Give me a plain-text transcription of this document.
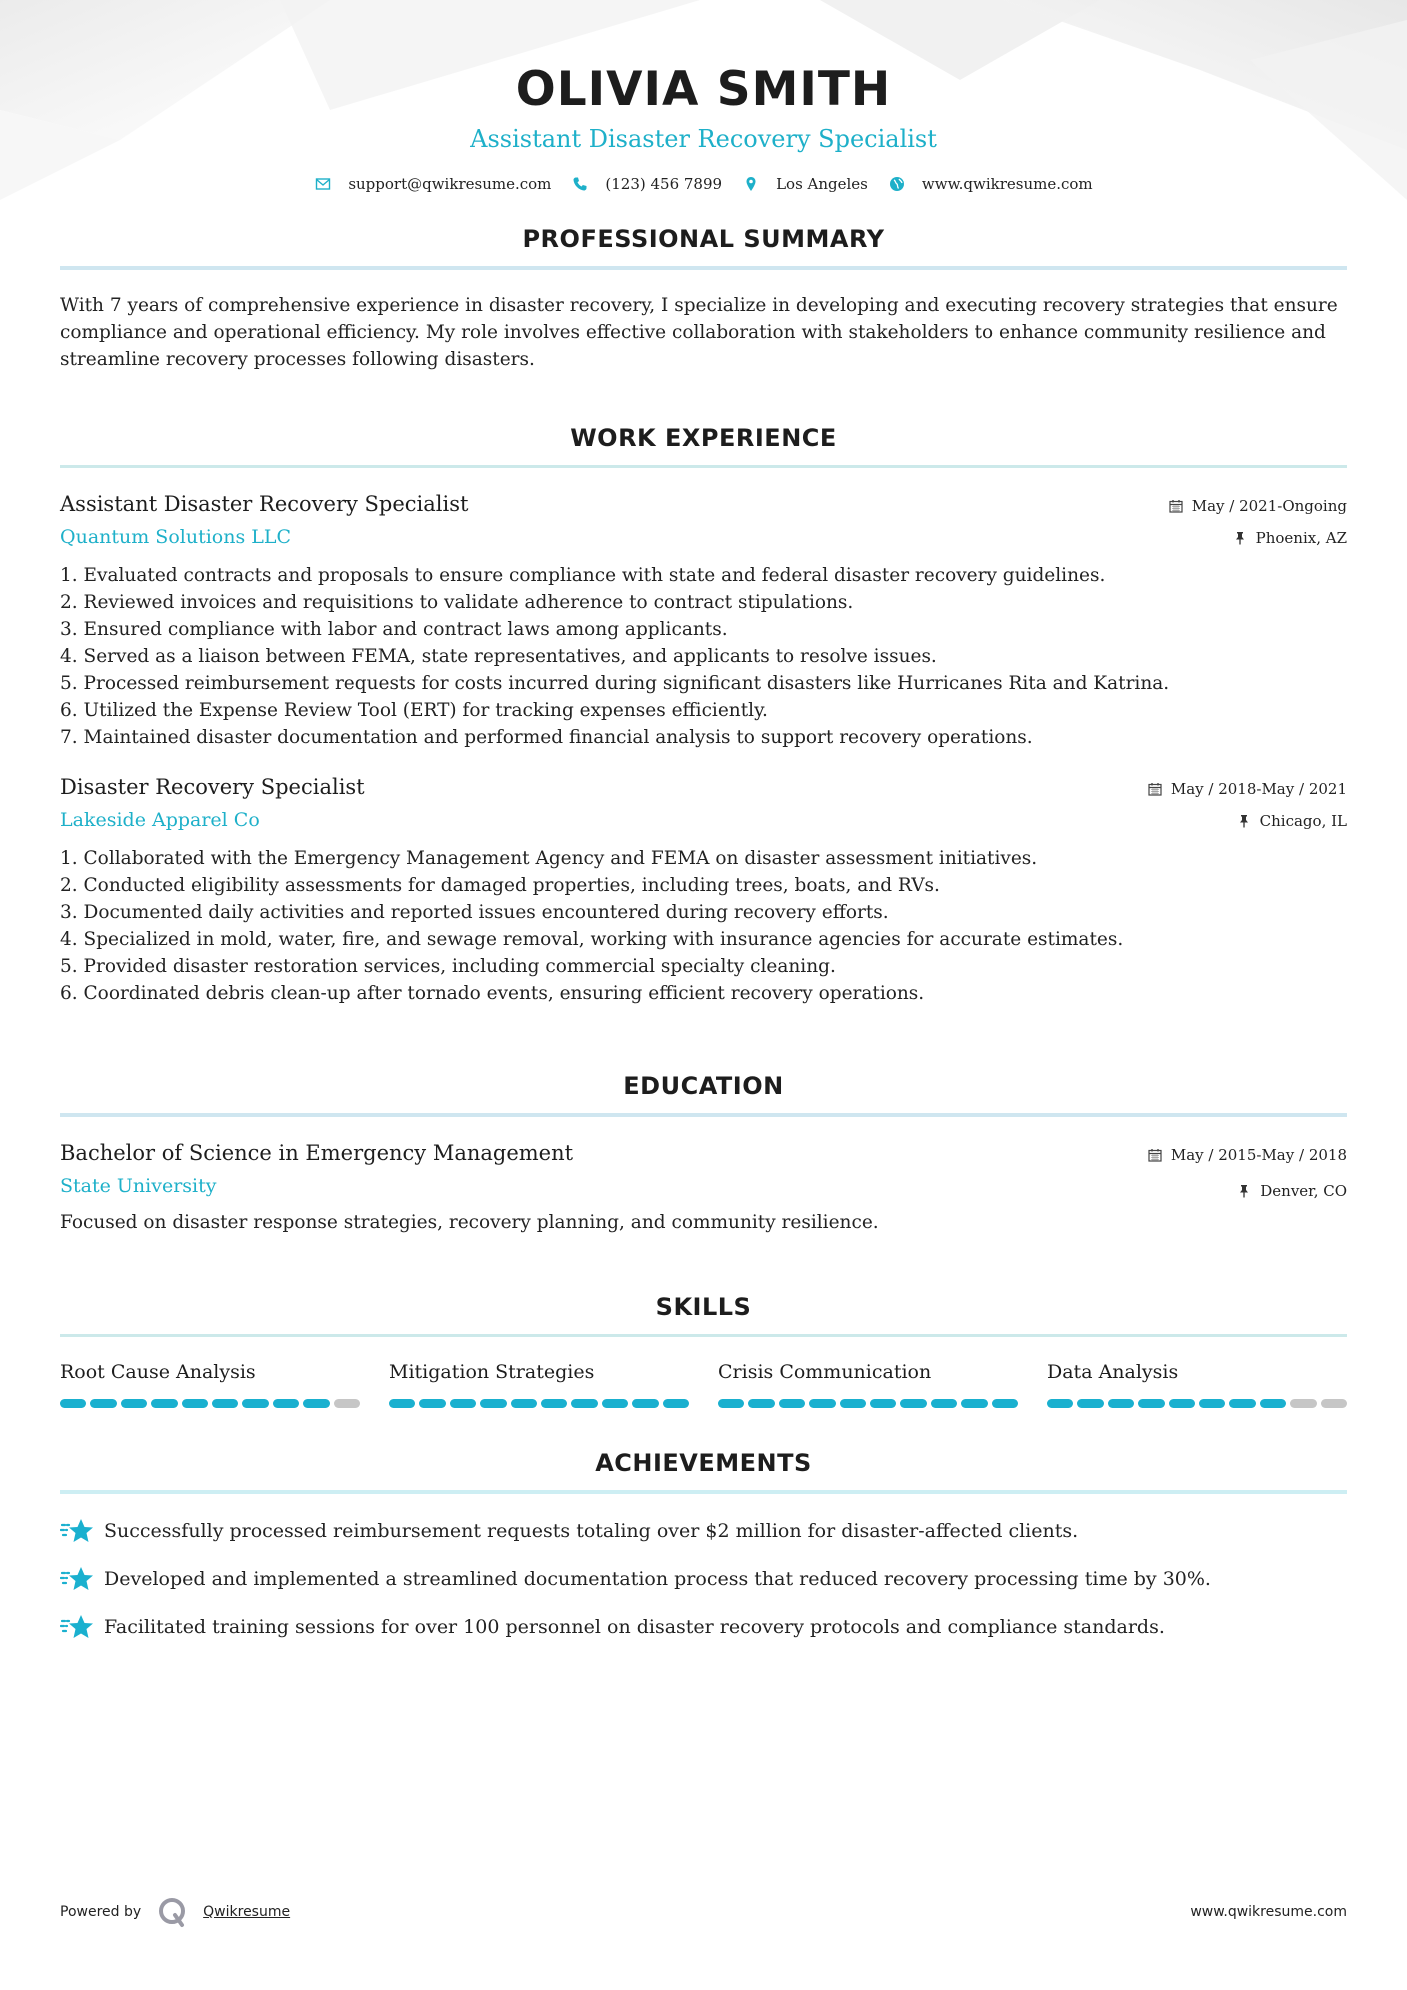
OLIVIA SMITH
Assistant Disaster Recovery Specialist
support@qwikresume.com	(123) 456 7899	Los Angeles	www.qwikresume.com
PROFESSIONAL SUMMARY

With 7 years of comprehensive experience in disaster recovery, I specialize in developing and executing recovery strategies that ensure compliance and operational efficiency. My role involves effective collaboration with stakeholders to enhance community resilience and streamline recovery processes following disasters.

WORK EXPERIENCE
Assistant Disaster Recovery Specialist
Quantum Solutions LLC
May / 2021-Ongoing
Phoenix, AZ
1. Evaluated contracts and proposals to ensure compliance with state and federal disaster recovery guidelines.
2. Reviewed invoices and requisitions to validate adherence to contract stipulations.
3. Ensured compliance with labor and contract laws among applicants.
4. Served as a liaison between FEMA, state representatives, and applicants to resolve issues.
5. Processed reimbursement requests for costs incurred during significant disasters like Hurricanes Rita and Katrina.
6. Utilized the Expense Review Tool (ERT) for tracking expenses efficiently.
7. Maintained disaster documentation and performed financial analysis to support recovery operations.
Disaster Recovery Specialist
Lakeside Apparel Co
May / 2018-May / 2021
Chicago, IL
1. Collaborated with the Emergency Management Agency and FEMA on disaster assessment initiatives.
2. Conducted eligibility assessments for damaged properties, including trees, boats, and RVs.
3. Documented daily activities and reported issues encountered during recovery efforts.
4. Specialized in mold, water, fire, and sewage removal, working with insurance agencies for accurate estimates.
5. Provided disaster restoration services, including commercial specialty cleaning.
6. Coordinated debris clean-up after tornado events, ensuring efficient recovery operations.
EDUCATION
Bachelor of Science in Emergency Management
State University
May / 2015-May / 2018
Denver, CO

Focused on disaster response strategies, recovery planning, and community resilience.

SKILLS
Root Cause Analysis	Mitigation Strategies	Crisis Communication	Data Analysis
ACHIEVEMENTS
Successfully processed reimbursement requests totaling over $2 million for disaster-affected clients.
Developed and implemented a streamlined documentation process that reduced recovery processing time by 30%.
Facilitated training sessions for over 100 personnel on disaster recovery protocols and compliance standards.
Powered by	Qwikresume	www.qwikresume.com
